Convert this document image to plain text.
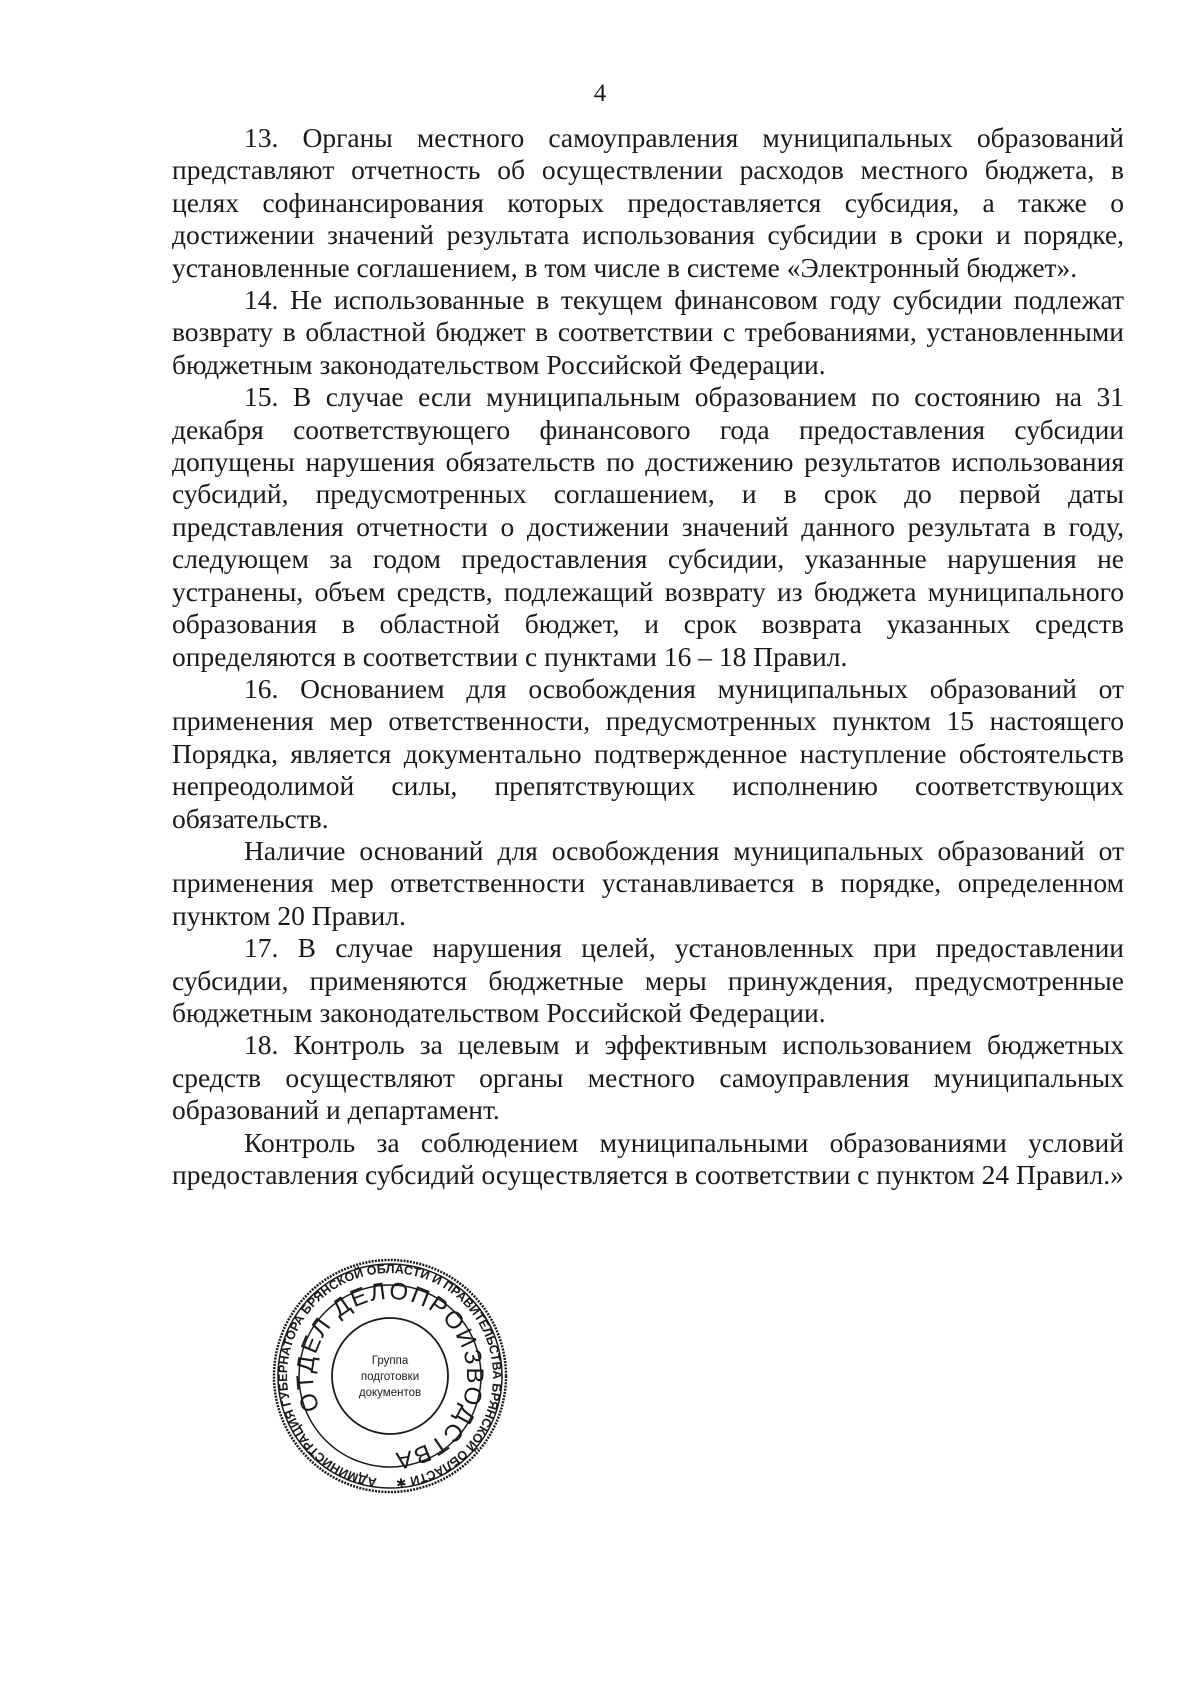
4

13. Органы местного самоуправления муниципальных образований представляют отчетность об осуществлении расходов местного бюджета, в целях софинансирования которых предоставляется субсидия, а также о достижении значений результата использования субсидии в сроки и порядке, установленные соглашением, в том числе в системе «Электронный бюджет».

14. Не использованные в текущем финансовом году субсидии подлежат возврату в областной бюджет в соответствии с требованиями, установленными бюджетным законодательством Российской Федерации.

15. В случае если муниципальным образованием по состоянию на 31 декабря соответствующего финансового года предоставления субсидии допущены нарушения обязательств по достижению результатов использования субсидий, предусмотренных соглашением, и в срок до первой даты представления отчетности о достижении значений данного результата в году, следующем за годом предоставления субсидии, указанные нарушения не устранены, объем средств, подлежащий возврату из бюджета муниципального образования в областной бюджет, и срок возврата указанных средств определяются в соответствии с пунктами 16 – 18 Правил.

16. Основанием для освобождения муниципальных образований от применения мер ответственности, предусмотренных пунктом 15 настоящего Порядка, является документально подтвержденное наступление обстоятельств непреодолимой силы, препятствующих исполнению соответствующих обязательств.

Наличие оснований для освобождения муниципальных образований от применения мер ответственности устанавливается в порядке, определенном пунктом 20 Правил.

17. В случае нарушения целей, установленных при предоставлении субсидии, применяются бюджетные меры принуждения, предусмотренные бюджетным законодательством Российской Федерации.

18. Контроль за целевым и эффективным использованием бюджетных средств осуществляют органы местного самоуправления муниципальных образований и департамент.

Контроль за соблюдением муниципальными образованиями условий предоставления субсидий осуществляется в соответствии с пунктом 24 Правил.»

АДМИНИСТРАЦИЯ ГУБЕРНАТОРА БРЯНСКОЙ ОБЛАСТИ И ПРАВИТЕЛЬСТВА БРЯНСКОЙ ОБЛАСТИ ✱
ОТДЕЛ ДЕЛОПРОИЗВОДСТВА
Группа
подготовки
документов
